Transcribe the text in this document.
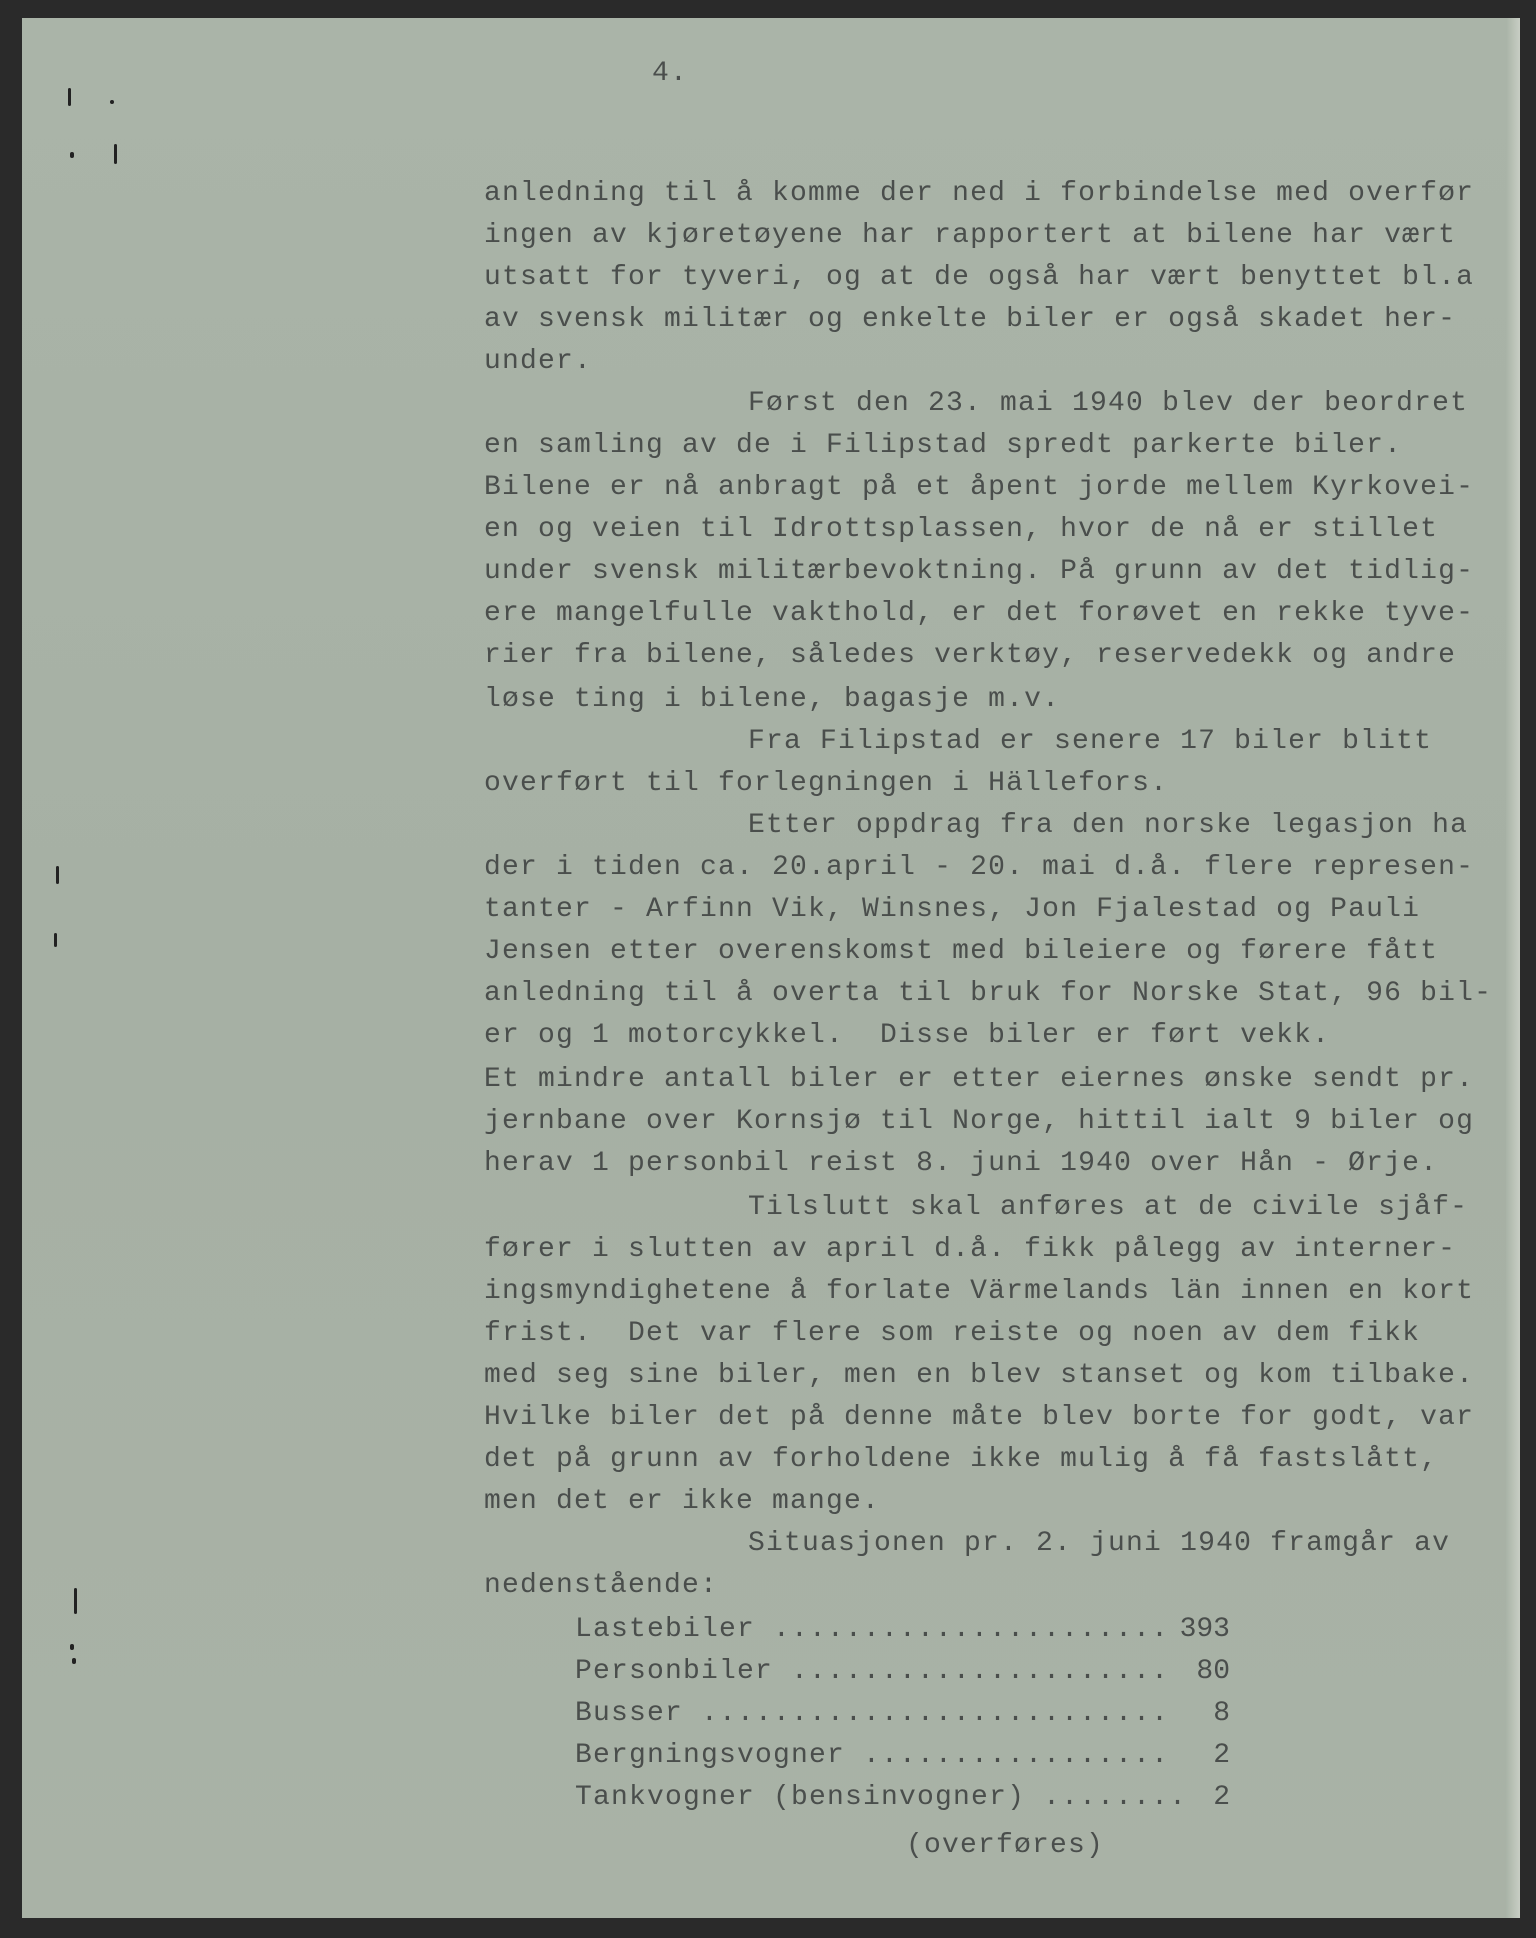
4.
anledning til å komme der ned i forbindelse med overfør
ingen av kjøretøyene har rapportert at bilene har vært
utsatt for tyveri, og at de også har vært benyttet bl.a
av svensk militær og enkelte biler er også skadet her-
under.
Først den 23. mai 1940 blev der beordret
en samling av de i Filipstad spredt parkerte biler.
Bilene er nå anbragt på et åpent jorde mellem Kyrkovei-
en og veien til Idrottsplassen, hvor de nå er stillet
under svensk militærbevoktning. På grunn av det tidlig-
ere mangelfulle vakthold, er det forøvet en rekke tyve-
rier fra bilene, således verktøy, reservedekk og andre
løse ting i bilene, bagasje m.v.
Fra Filipstad er senere 17 biler blitt
overført til forlegningen i Hällefors.
Etter oppdrag fra den norske legasjon ha
der i tiden ca. 20.april - 20. mai d.å. flere represen-
tanter - Arfinn Vik, Winsnes, Jon Fjalestad og Pauli
Jensen etter overenskomst med bileiere og førere fått
anledning til å overta til bruk for Norske Stat, 96 bil-
er og 1 motorcykkel.  Disse biler er ført vekk.
Et mindre antall biler er etter eiernes ønske sendt pr.
jernbane over Kornsjø til Norge, hittil ialt 9 biler og
herav 1 personbil reist 8. juni 1940 over Hån - Ørje.
Tilslutt skal anføres at de civile sjåf-
fører i slutten av april d.å. fikk pålegg av interner-
ingsmyndighetene å forlate Värmelands län innen en kort
frist.  Det var flere som reiste og noen av dem fikk
med seg sine biler, men en blev stanset og kom tilbake.
Hvilke biler det på denne måte blev borte for godt, var
det på grunn av forholdene ikke mulig å få fastslått,
men det er ikke mange.
Situasjonen pr. 2. juni 1940 framgår av
nedenstående:
Lastebiler ...................... 393
Personbiler ..................... 80
Busser ..........................	8
Bergningsvogner .................	2
Tankvogner (bensinvogner) ........ 2
(overføres)
